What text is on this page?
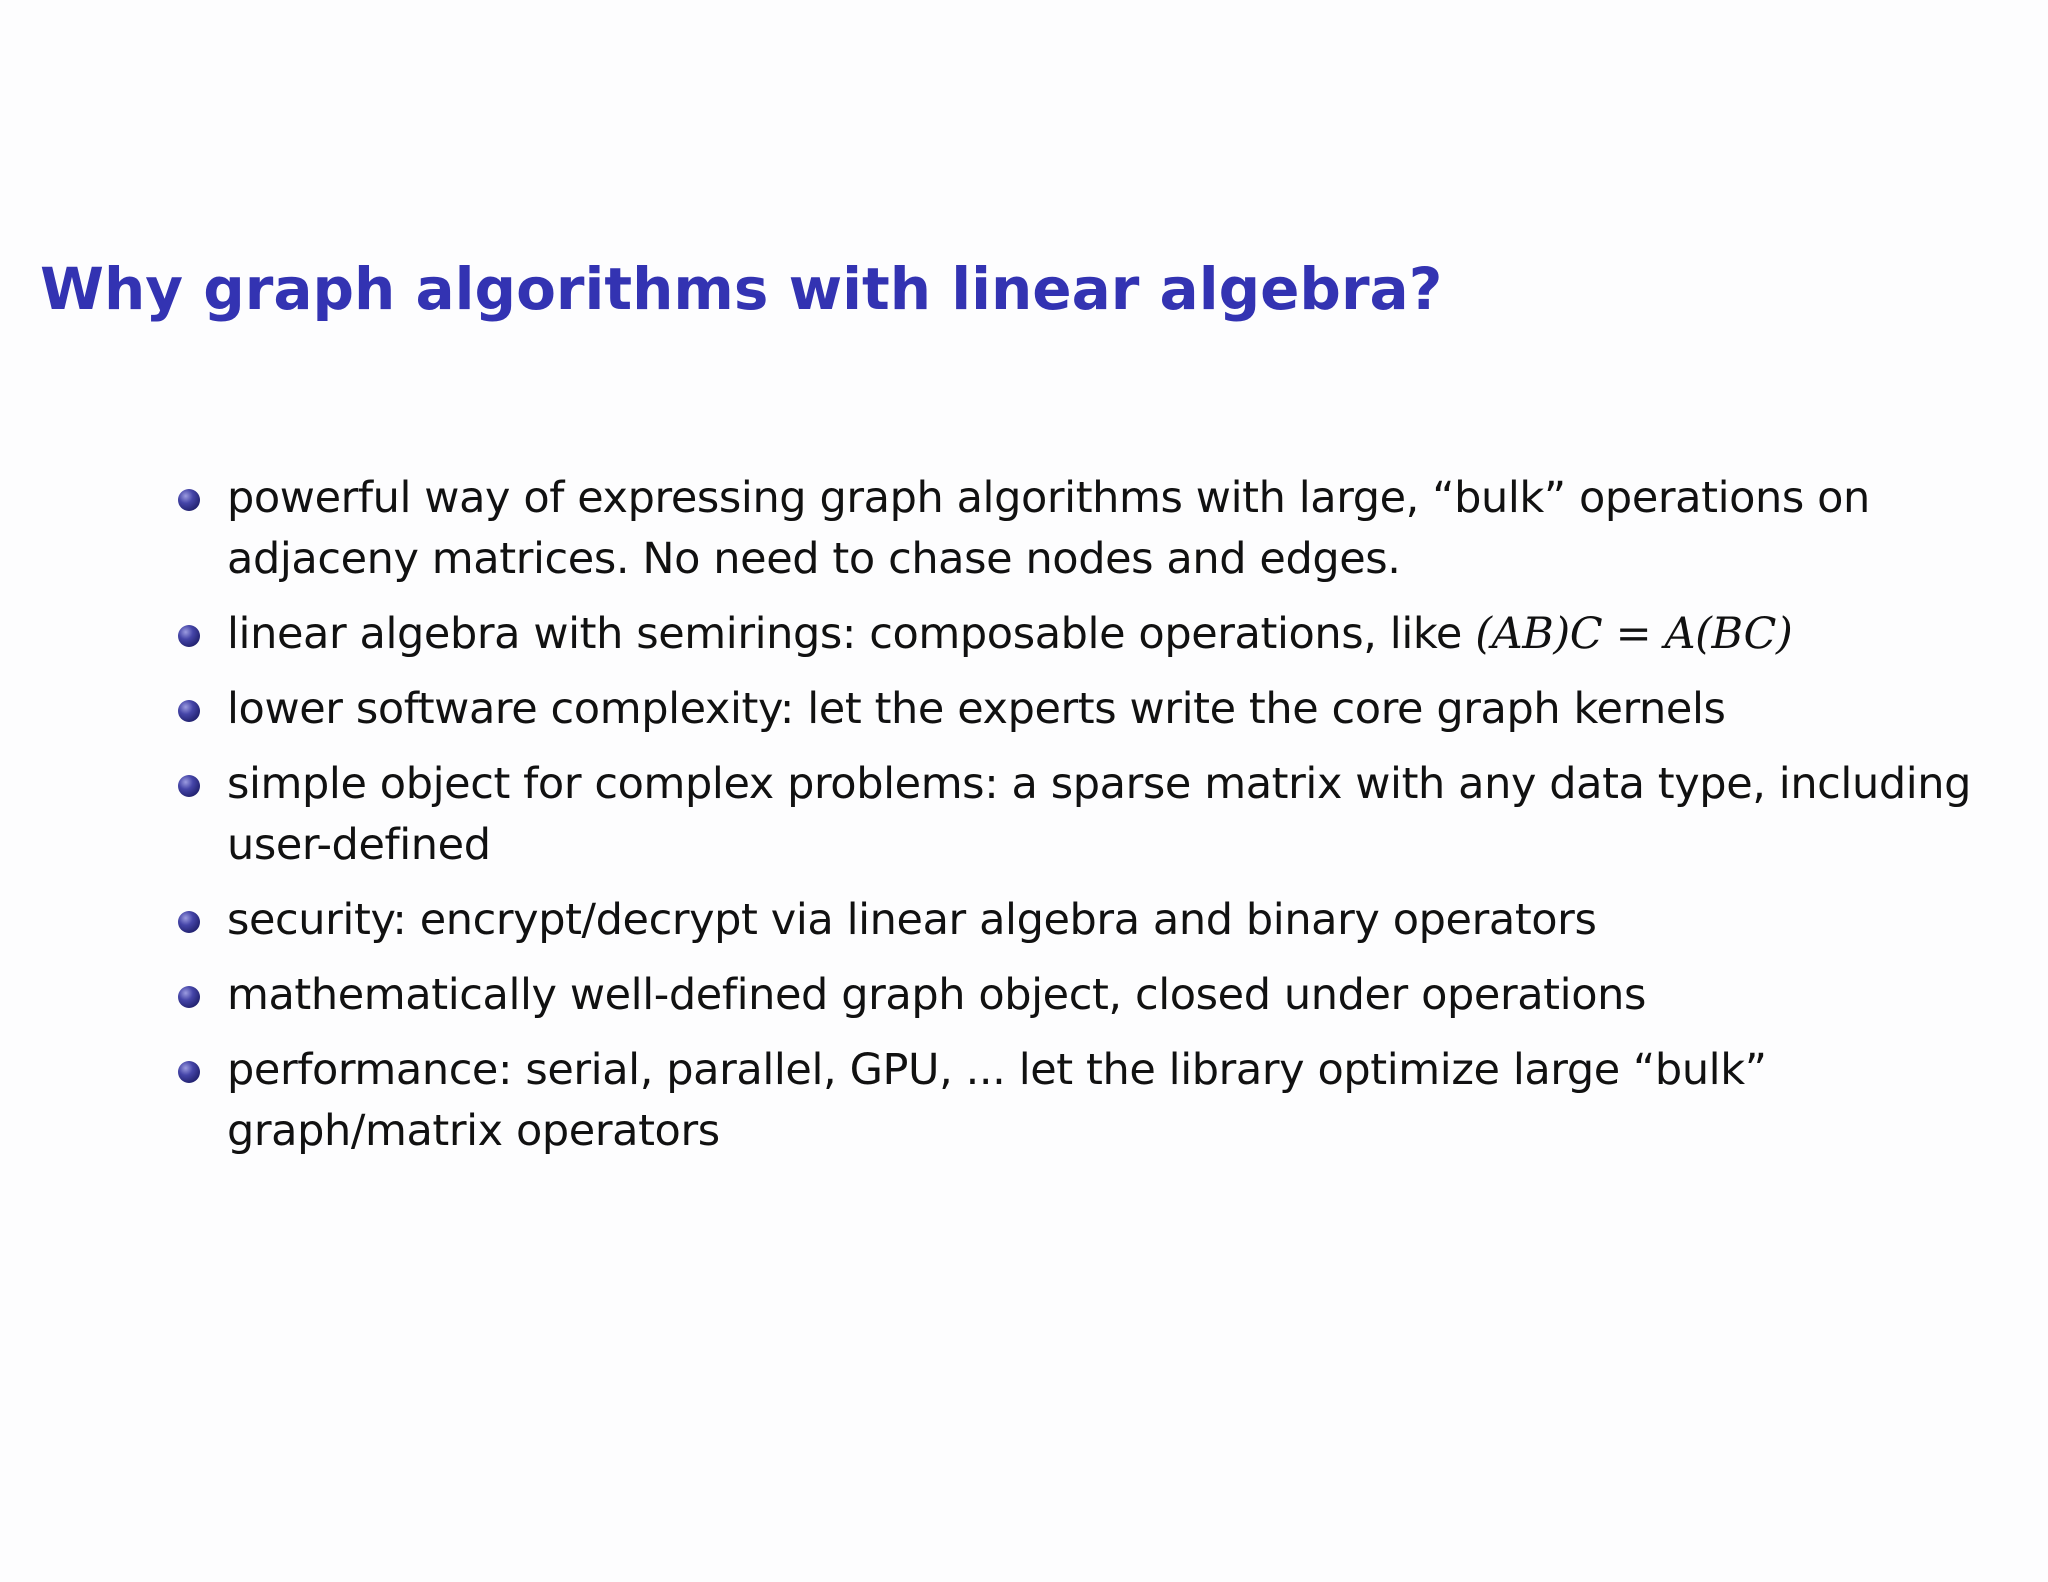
Why graph algorithms with linear algebra?
powerful way of expressing graph algorithms with large, “bulk” operations on adjaceny matrices. No need to chase nodes and edges.
linear algebra with semirings: composable operations, like (AB)C = A(BC)
lower software complexity: let the experts write the core graph kernels
simple object for complex problems: a sparse matrix with any data type, including user-defined
security: encrypt/decrypt via linear algebra and binary operators
mathematically well-defined graph object, closed under operations
performance: serial, parallel, GPU, ... let the library optimize large “bulk” graph/matrix operators
